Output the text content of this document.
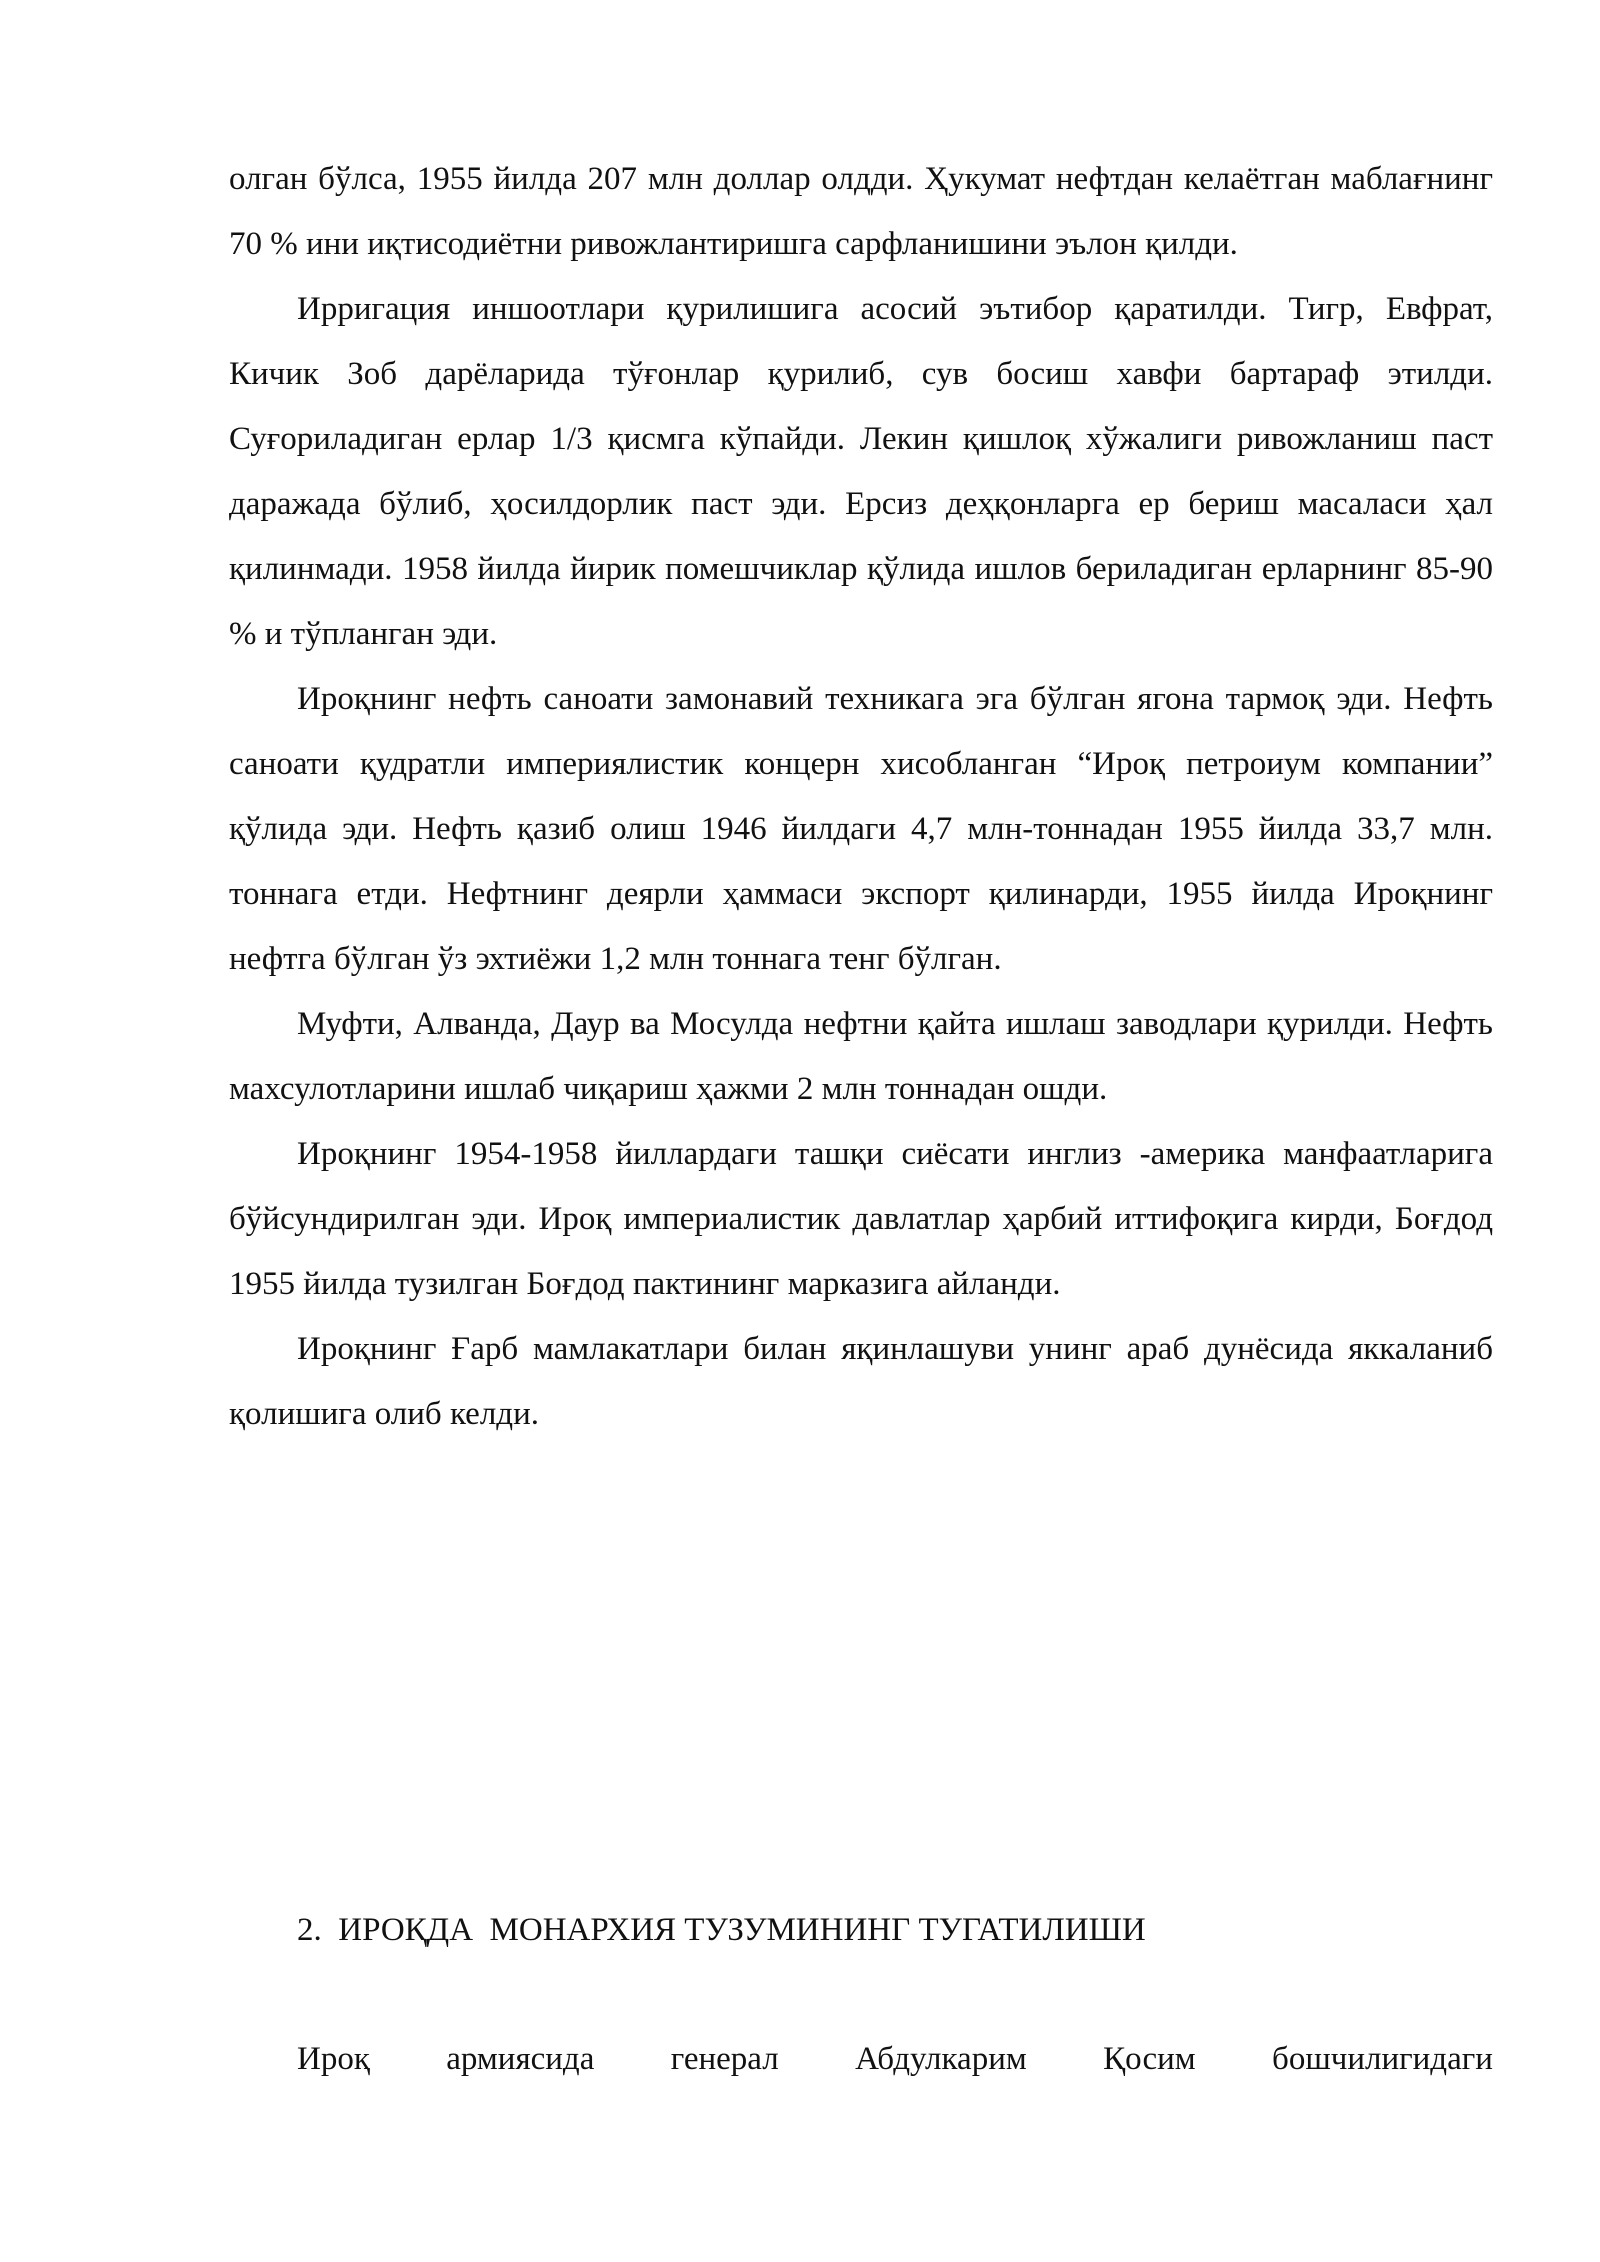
олган бўлса, 1955 йилда 207 млн доллар олдди. Ҳукумат нефтдан келаётган маблағнинг 70 % ини иқтисодиётни ривожлантиришга сарфланишини эълон қилди.

Ирригация иншоотлари қурилишига асосий эътибор қаратилди. Тигр, Евфрат, Кичик Зоб дарёларида тўғонлар қурилиб, сув босиш хавфи бартараф этилди. Суғориладиган ерлар 1/3 қисмга кўпайди. Лекин қишлоқ хўжалиги ривожланиш паст даражада бўлиб, ҳосилдорлик паст эди. Ерсиз деҳқонларга ер бериш масаласи ҳал қилинмади. 1958 йилда йирик помешчиклар қўлида ишлов бериладиган ерларнинг 85-90 % и тўпланган эди.

Ироқнинг нефть саноати замонавий техникага эга бўлган ягона тармоқ эди. Нефть саноати қудратли империялистик концерн хисобланган “Ироқ петроиум компании” қўлида эди. Нефть қазиб олиш 1946 йилдаги 4,7 млн-тоннадан 1955 йилда 33,7 млн. тоннага етди. Нефтнинг деярли ҳаммаси экспорт қилинарди, 1955 йилда Ироқнинг нефтга бўлган ўз эхтиёжи 1,2 млн тоннага тенг бўлган.

Муфти, Алванда, Даур ва Мосулда нефтни қайта ишлаш заводлари қурилди. Нефть махсулотларини ишлаб чиқариш ҳажми 2 млн тоннадан ошди.

Ироқнинг 1954-1958 йиллардаги ташқи сиёсати инглиз -америка манфаатларига бўйсундирилган эди. Ироқ империалистик давлатлар ҳарбий иттифоқига кирди, Боғдод 1955 йилда тузилган Боғдод пактининг марказига айланди.

Ироқнинг Ғарб мамлакатлари билан яқинлашуви унинг араб дунёсида яккаланиб қолишига олиб келди.

2.  ИРОҚДА  МОНАРХИЯ ТУЗУМИНИНГ ТУГАТИЛИШИ
Ироқ армиясида генерал Абдулкарим Қосим бошчилигидаги
